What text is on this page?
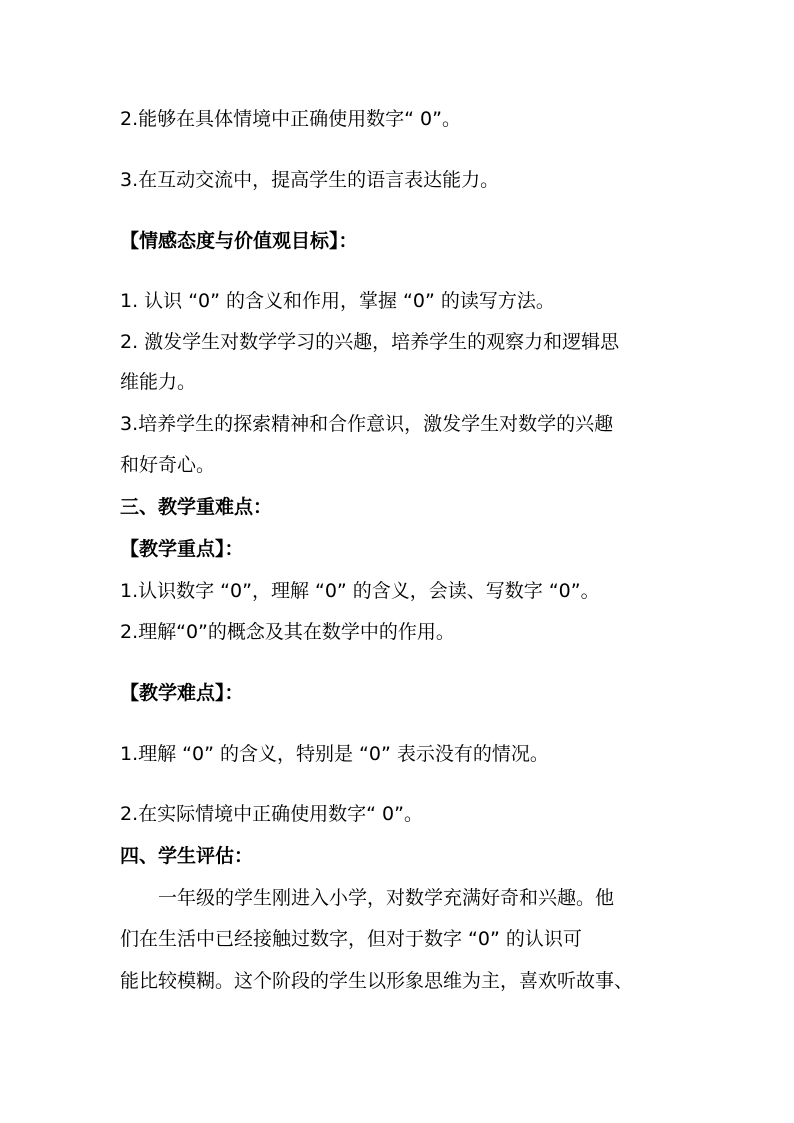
2.能够在具体情境中正确使用数字“ 0”。
3.在互动交流中，提高学生的语言表达能力。
【情感态度与价值观目标】：
1. 认识 “0” 的含义和作用，掌握 “0” 的读写方法。
2. 激发学生对数学学习的兴趣，培养学生的观察力和逻辑思
维能力。
3.培养学生的探索精神和合作意识，激发学生对数学的兴趣
和好奇心。
三、教学重难点：
【教学重点】：
1.认识数字 “0”，理解 “0” 的含义，会读、写数字 “0”。
2.理解“0”的概念及其在数学中的作用。
【教学难点】：
1.理解 “0” 的含义，特别是 “0” 表示没有的情况。
2.在实际情境中正确使用数字“ 0”。
四、学生评估：
一年级的学生刚进入小学，对数学充满好奇和兴趣。他
们在生活中已经接触过数字，但对于数字 “0” 的认识可
能比较模糊。这个阶段的学生以形象思维为主，喜欢听故事、
